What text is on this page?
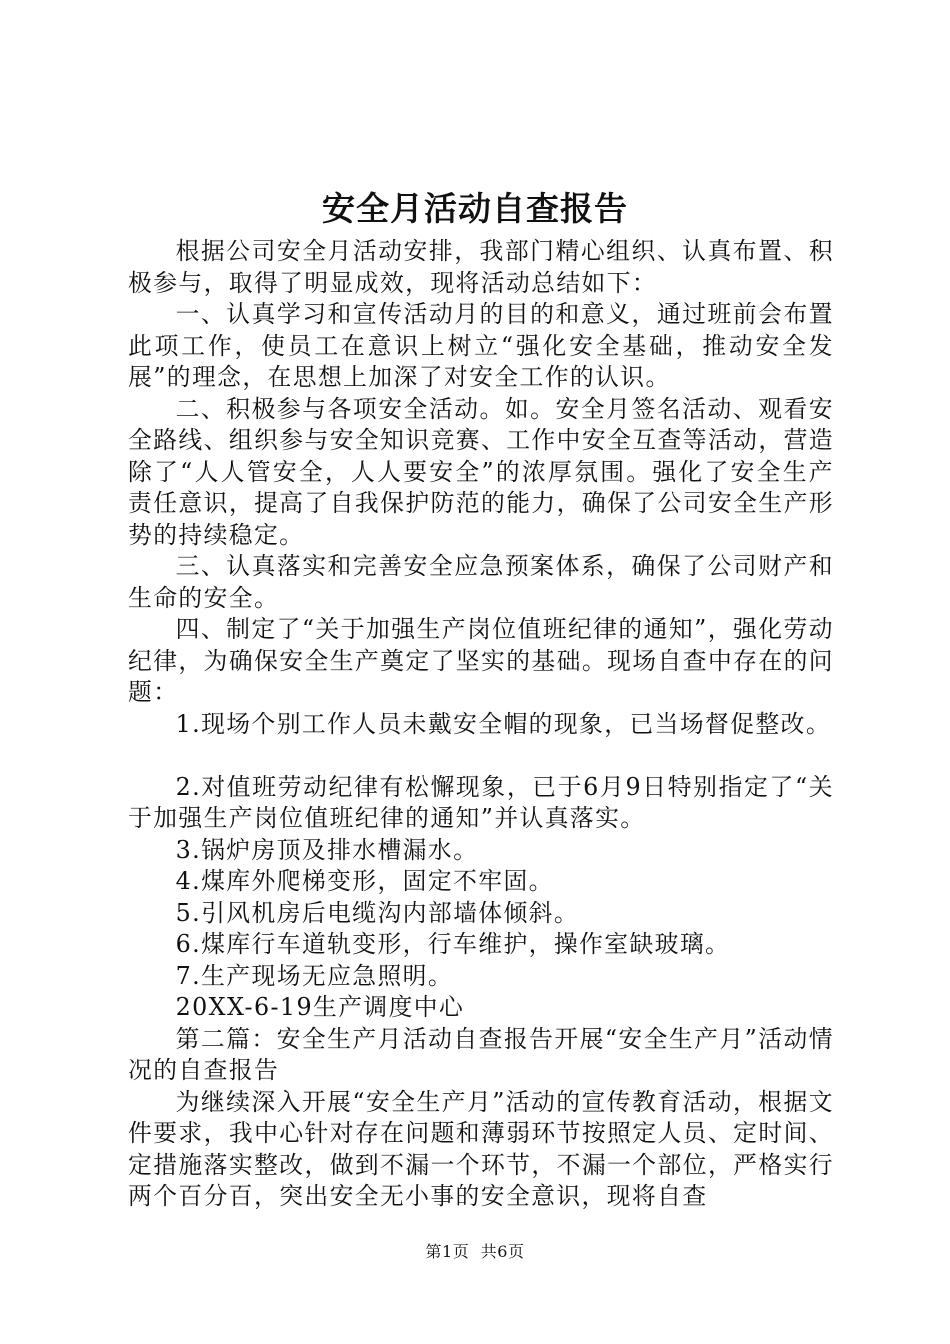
安全月活动自查报告

根据公司安全月活动安排，我部门精心组织、认真布置、积极参与，取得了明显成效，现将活动总结如下：

一、认真学习和宣传活动月的目的和意义，通过班前会布置此项工作，使员工在意识上树立“强化安全基础，推动安全发展”的理念，在思想上加深了对安全工作的认识。

二、积极参与各项安全活动。如。安全月签名活动、观看安全路线、组织参与安全知识竞赛、工作中安全互查等活动，营造除了“人人管安全，人人要安全”的浓厚氛围。强化了安全生产责任意识，提高了自我保护防范的能力，确保了公司安全生产形势的持续稳定。

三、认真落实和完善安全应急预案体系，确保了公司财产和生命的安全。

四、制定了“关于加强生产岗位值班纪律的通知”，强化劳动纪律，为确保安全生产奠定了坚实的基础。现场自查中存在的问题：

1.现场个别工作人员未戴安全帽的现象，已当场督促整改。

2.对值班劳动纪律有松懈现象，已于6月9日特别指定了“关于加强生产岗位值班纪律的通知”并认真落实。

3.锅炉房顶及排水槽漏水。

4.煤库外爬梯变形，固定不牢固。

5.引风机房后电缆沟内部墙体倾斜。

6.煤库行车道轨变形，行车维护，操作室缺玻璃。

7.生产现场无应急照明。

20XX-6-19生产调度中心

第二篇：安全生产月活动自查报告开展“安全生产月”活动情况的自查报告

为继续深入开展“安全生产月”活动的宣传教育活动，根据文件要求，我中心针对存在问题和薄弱环节按照定人员、定时间、定措施落实整改，做到不漏一个环节，不漏一个部位，严格实行两个百分百，突出安全无小事的安全意识，现将自查

第1页 共6页
